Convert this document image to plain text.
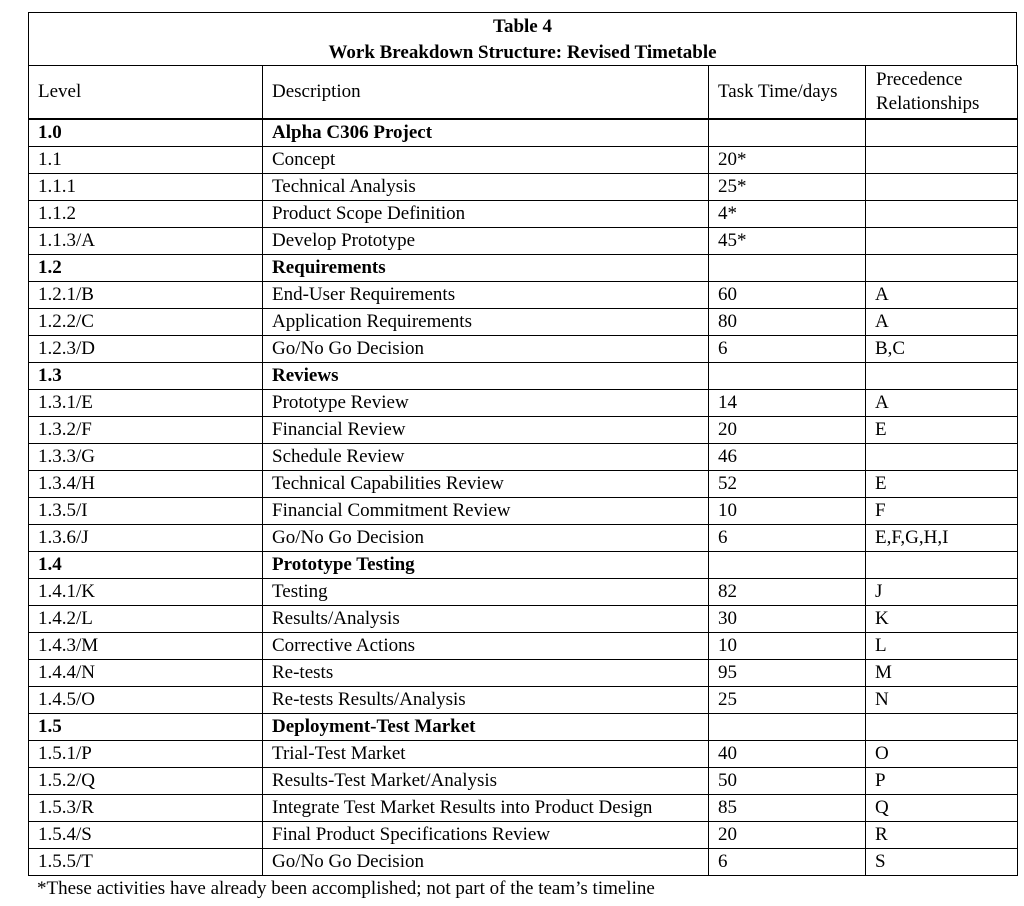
Table 4
Work Breakdown Structure: Revised Timetable
Level	Description	Task Time/days	Precedence Relationships
1.0	Alpha C306 Project		
1.1	Concept	20*	
1.1.1	Technical Analysis	25*	
1.1.2	Product Scope Definition	4*	
1.1.3/A	Develop Prototype	45*	
1.2	Requirements		
1.2.1/B	End-User Requirements	60	A
1.2.2/C	Application Requirements	80	A
1.2.3/D	Go/No Go Decision	6	B,C
1.3	Reviews		
1.3.1/E	Prototype Review	14	A
1.3.2/F	Financial Review	20	E
1.3.3/G	Schedule Review	46	
1.3.4/H	Technical Capabilities Review	52	E
1.3.5/I	Financial Commitment Review	10	F
1.3.6/J	Go/No Go Decision	6	E,F,G,H,I
1.4	Prototype Testing		
1.4.1/K	Testing	82	J
1.4.2/L	Results/Analysis	30	K
1.4.3/M	Corrective Actions	10	L
1.4.4/N	Re-tests	95	M
1.4.5/O	Re-tests Results/Analysis	25	N
1.5	Deployment-Test Market		
1.5.1/P	Trial-Test Market	40	O
1.5.2/Q	Results-Test Market/Analysis	50	P
1.5.3/R	Integrate Test Market Results into Product Design	85	Q
1.5.4/S	Final Product Specifications Review	20	R
1.5.5/T	Go/No Go Decision	6	S
*These activities have already been accomplished; not part of the team’s timeline
